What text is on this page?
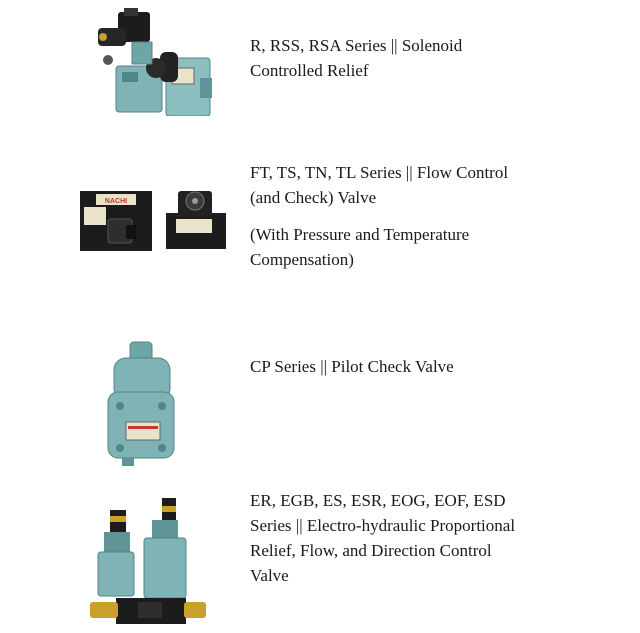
R, RSS, RSA Series || Solenoid

Controlled Relief

NACHI

FT, TS, TN, TL Series || Flow Control

(and Check) Valve

(With Pressure and Temperature

Compensation)

CP Series || Pilot Check Valve

ER, EGB, ES, ESR, EOG, EOF, ESD

Series || Electro-hydraulic Proportional

Relief, Flow, and Direction Control

Valve
